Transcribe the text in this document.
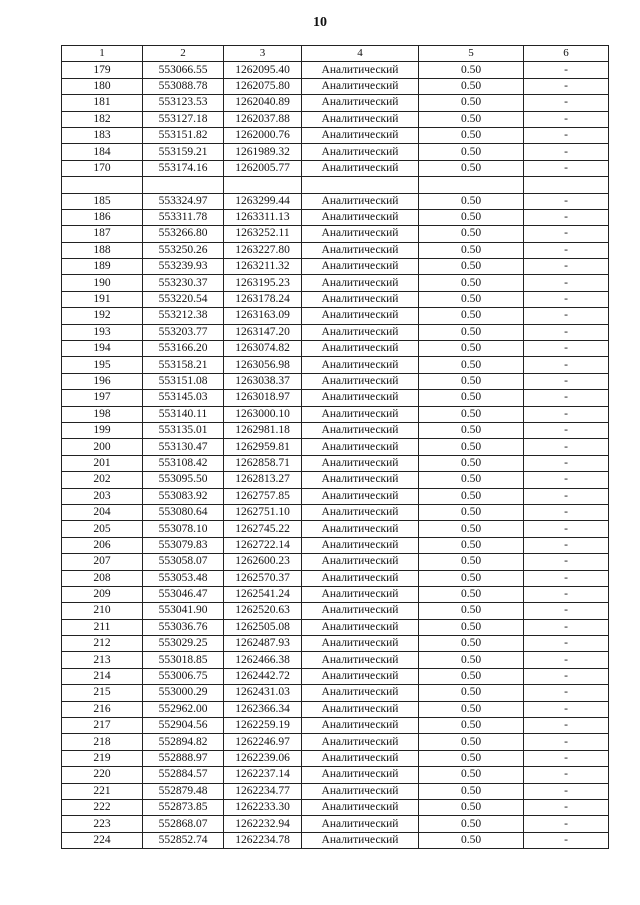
10
1	2	3	4	5	6
179	553066.55	1262095.40	Аналитический	0.50	-
180	553088.78	1262075.80	Аналитический	0.50	-
181	553123.53	1262040.89	Аналитический	0.50	-
182	553127.18	1262037.88	Аналитический	0.50	-
183	553151.82	1262000.76	Аналитический	0.50	-
184	553159.21	1261989.32	Аналитический	0.50	-
170	553174.16	1262005.77	Аналитический	0.50	-

185	553324.97	1263299.44	Аналитический	0.50	-
186	553311.78	1263311.13	Аналитический	0.50	-
187	553266.80	1263252.11	Аналитический	0.50	-
188	553250.26	1263227.80	Аналитический	0.50	-
189	553239.93	1263211.32	Аналитический	0.50	-
190	553230.37	1263195.23	Аналитический	0.50	-
191	553220.54	1263178.24	Аналитический	0.50	-
192	553212.38	1263163.09	Аналитический	0.50	-
193	553203.77	1263147.20	Аналитический	0.50	-
194	553166.20	1263074.82	Аналитический	0.50	-
195	553158.21	1263056.98	Аналитический	0.50	-
196	553151.08	1263038.37	Аналитический	0.50	-
197	553145.03	1263018.97	Аналитический	0.50	-
198	553140.11	1263000.10	Аналитический	0.50	-
199	553135.01	1262981.18	Аналитический	0.50	-
200	553130.47	1262959.81	Аналитический	0.50	-
201	553108.42	1262858.71	Аналитический	0.50	-
202	553095.50	1262813.27	Аналитический	0.50	-
203	553083.92	1262757.85	Аналитический	0.50	-
204	553080.64	1262751.10	Аналитический	0.50	-
205	553078.10	1262745.22	Аналитический	0.50	-
206	553079.83	1262722.14	Аналитический	0.50	-
207	553058.07	1262600.23	Аналитический	0.50	-
208	553053.48	1262570.37	Аналитический	0.50	-
209	553046.47	1262541.24	Аналитический	0.50	-
210	553041.90	1262520.63	Аналитический	0.50	-
211	553036.76	1262505.08	Аналитический	0.50	-
212	553029.25	1262487.93	Аналитический	0.50	-
213	553018.85	1262466.38	Аналитический	0.50	-
214	553006.75	1262442.72	Аналитический	0.50	-
215	553000.29	1262431.03	Аналитический	0.50	-
216	552962.00	1262366.34	Аналитический	0.50	-
217	552904.56	1262259.19	Аналитический	0.50	-
218	552894.82	1262246.97	Аналитический	0.50	-
219	552888.97	1262239.06	Аналитический	0.50	-
220	552884.57	1262237.14	Аналитический	0.50	-
221	552879.48	1262234.77	Аналитический	0.50	-
222	552873.85	1262233.30	Аналитический	0.50	-
223	552868.07	1262232.94	Аналитический	0.50	-
224	552852.74	1262234.78	Аналитический	0.50	-
